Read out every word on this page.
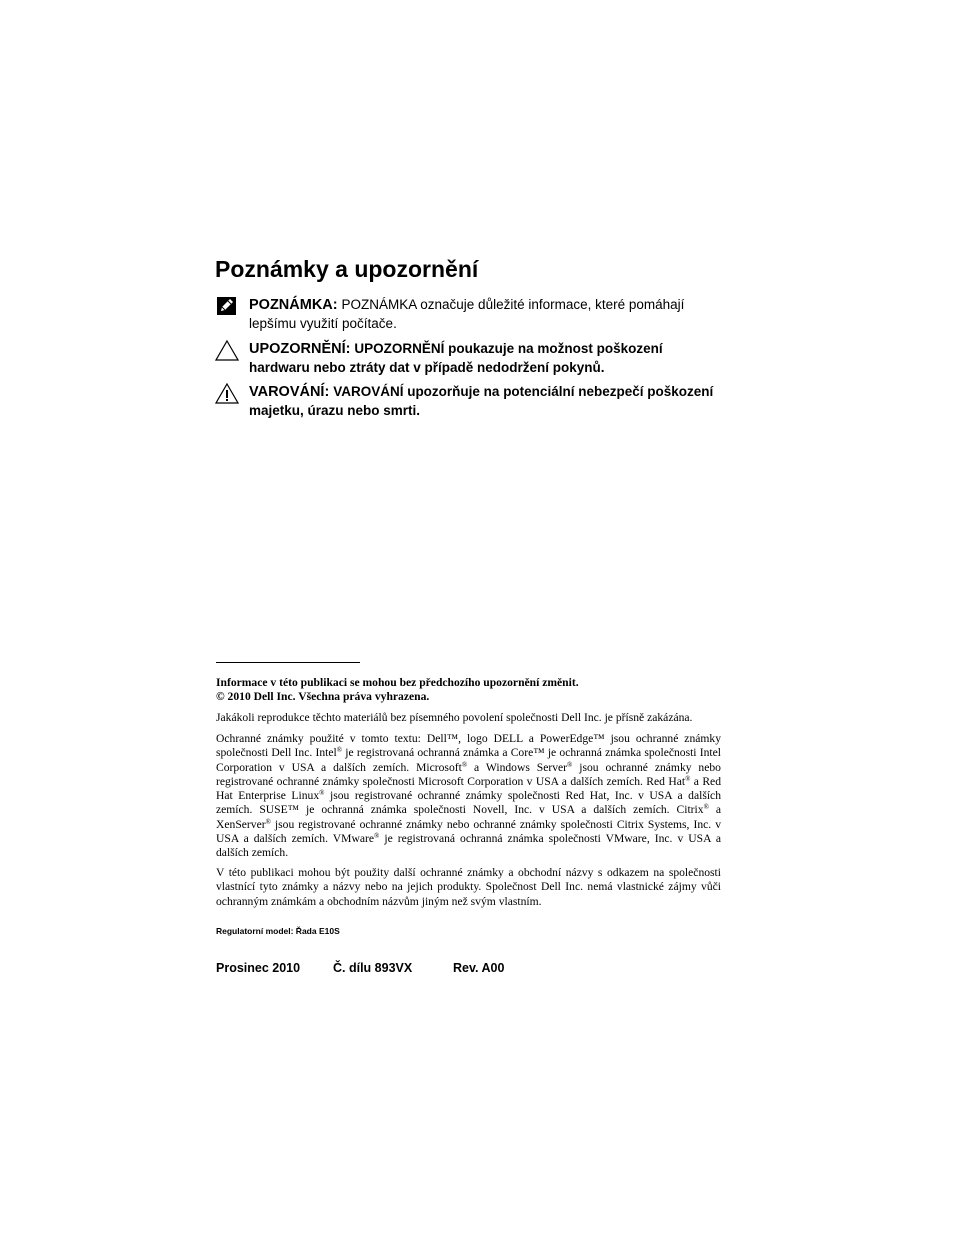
Poznámky a upozornění
POZNÁMKA: POZNÁMKA označuje důležité informace, které pomáhají lepšímu využití počítače.
UPOZORNĚNÍ: UPOZORNĚNÍ poukazuje na možnost poškození hardwaru nebo ztráty dat v případě nedodržení pokynů.
VAROVÁNÍ: VAROVÁNÍ upozorňuje na potenciální nebezpečí poškození majetku, úrazu nebo smrti.

Informace v této publikaci se mohou bez předchozího upozornění změnit.

© 2010 Dell Inc. Všechna práva vyhrazena.

Jakákoli reprodukce těchto materiálů bez písemného povolení společnosti Dell Inc. je přísně zakázána.

Ochranné známky použité v tomto textu: Dell™, logo DELL a PowerEdge™ jsou ochranné známky společnosti Dell Inc. Intel® je registrovaná ochranná známka a Core™ je ochranná známka společnosti Intel Corporation v USA a dalších zemích. Microsoft® a Windows Server® jsou ochranné známky nebo registrované ochranné známky společnosti Microsoft Corporation v USA a dalších zemích. Red Hat® a Red Hat Enterprise Linux® jsou registrované ochranné známky společnosti Red Hat, Inc. v USA a dalších zemích. SUSE™ je ochranná známka společnosti Novell, Inc. v USA a dalších zemích. Citrix® a XenServer® jsou registrované ochranné známky nebo ochranné známky společnosti Citrix Systems, Inc. v USA a dalších zemích. VMware® je registrovaná ochranná známka společnosti VMware, Inc. v USA a dalších zemích.

V této publikaci mohou být použity další ochranné známky a obchodní názvy s odkazem na společnosti vlastnící tyto známky a názvy nebo na jejich produkty. Společnost Dell Inc. nemá vlastnické zájmy vůči ochranným známkám a obchodním názvům jiným než svým vlastním.

Regulatorní model: Řada E10S
Prosinec 2010	Č. dílu 893VX	Rev. A00
